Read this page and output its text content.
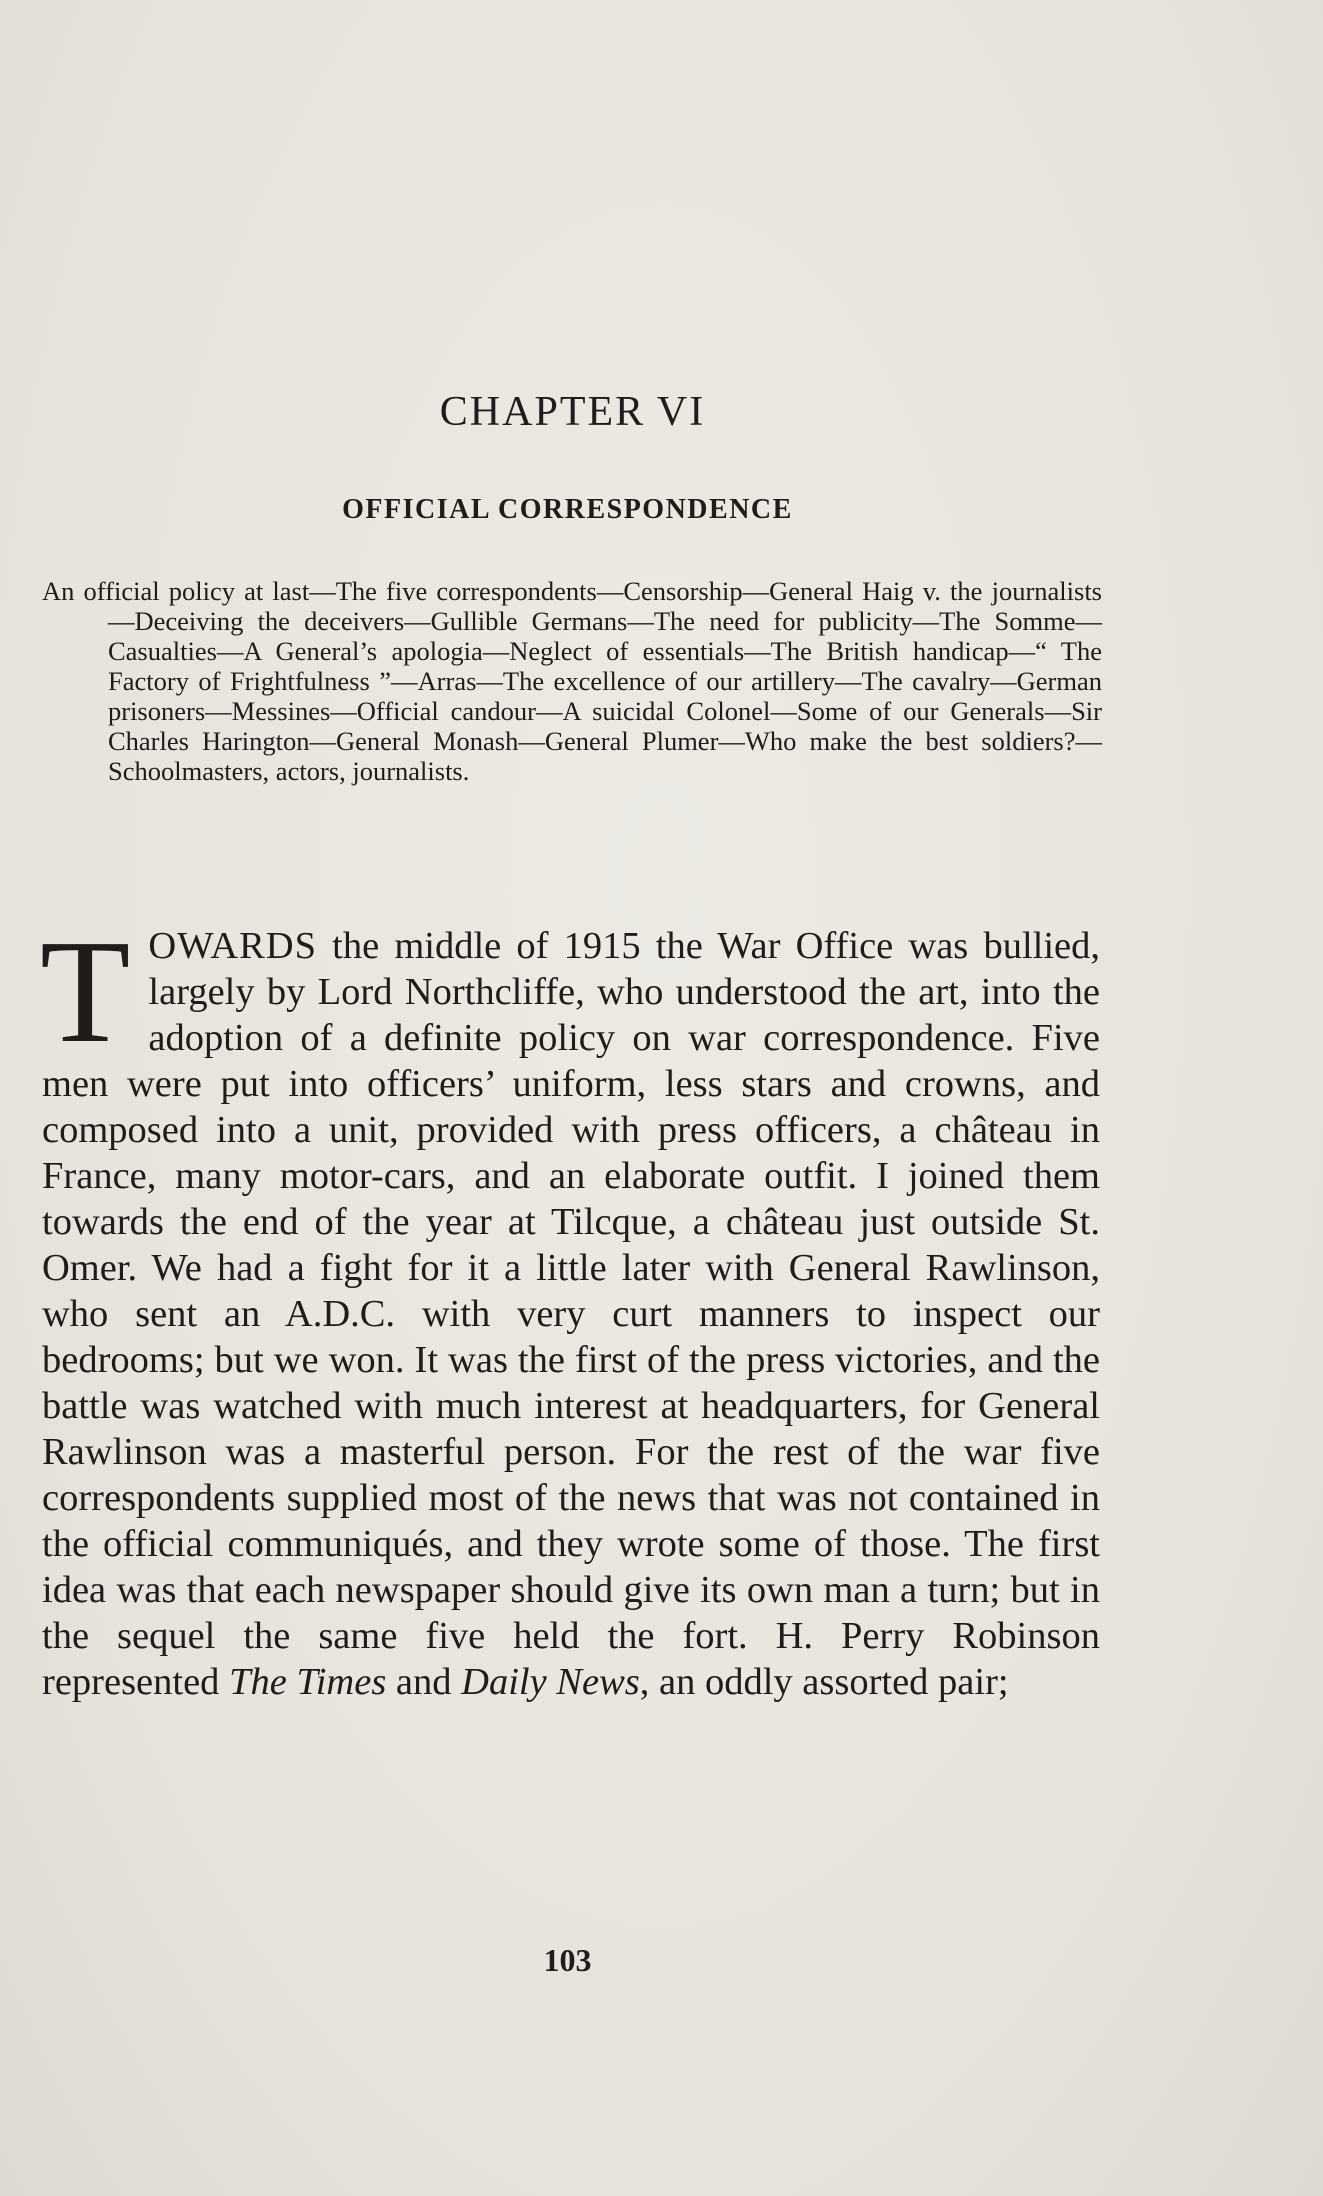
CHAPTER VI
OFFICIAL CORRESPONDENCE

An official policy at last—The five correspondents—Censorship—General Haig v. the journalists—Deceiving the deceivers—Gullible Germans—The need for publicity—The Somme—Casualties—A General’s apologia—Neglect of essentials—The British handicap—“ The Factory of Frightfulness ”—Arras—The excellence of our artillery—The cavalry—German prisoners—Messines—Official candour—A suicidal Colonel—Some of our Generals—Sir Charles Harington—General Monash—General Plumer—Who make the best soldiers?—Schoolmasters, actors, journalists.

TOWARDS the middle of 1915 the War Office was bullied, largely by Lord Northcliffe, who understood the art, into the adoption of a definite policy on war correspondence. Five men were put into officers’ uniform, less stars and crowns, and composed into a unit, provided with press officers, a château in France, many motor-cars, and an elaborate outfit. I joined them towards the end of the year at Tilcque, a château just outside St. Omer. We had a fight for it a little later with General Rawlinson, who sent an A.D.C. with very curt manners to inspect our bedrooms; but we won. It was the first of the press victories, and the battle was watched with much interest at headquarters, for General Rawlinson was a masterful person. For the rest of the war five correspondents supplied most of the news that was not contained in the official communiqués, and they wrote some of those. The first idea was that each newspaper should give its own man a turn; but in the sequel the same five held the fort. H. Perry Robinson represented The Times and Daily News, an oddly assorted pair;

103
